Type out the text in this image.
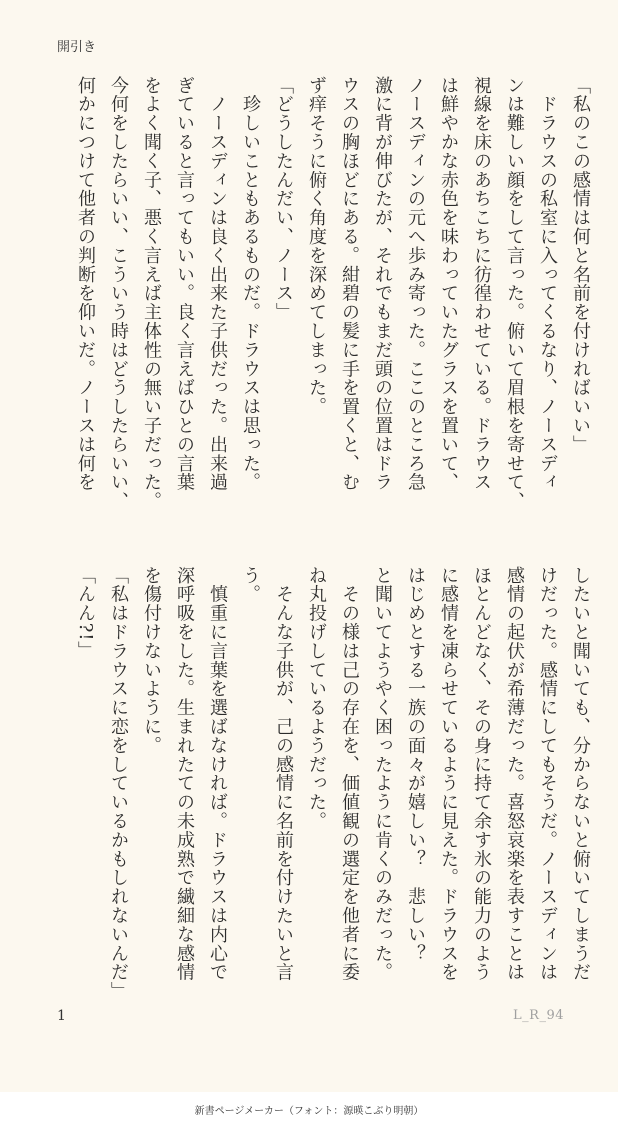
開引き
「私のこの感情は何と名前を付ければいい」
　ドラウスの私室に入ってくるなり、ノースディ
ンは難しい顔をして言った。俯いて眉根を寄せて、
視線を床のあちこちに彷徨わせている。ドラウス
は鮮やかな赤色を味わっていたグラスを置いて、
ノースディンの元へ歩み寄った。ここのところ急
激に背が伸びたが、それでもまだ頭の位置はドラ
ウスの胸ほどにある。紺碧の髪に手を置くと、む
ず痒そうに俯く角度を深めてしまった。
「どうしたんだい、ノース」
　珍しいこともあるものだ。ドラウスは思った。
　ノースディンは良く出来た子供だった。出来過
ぎていると言ってもいい。良く言えばひとの言葉
をよく聞く子、悪く言えば主体性の無い子だった。
今何をしたらいい、こういう時はどうしたらいい、
何かにつけて他者の判断を仰いだ。ノースは何を
したいと聞いても、分からないと俯いてしまうだ
けだった。感情にしてもそうだ。ノースディンは
感情の起伏が希薄だった。喜怒哀楽を表すことは
ほとんどなく、その身に持て余す氷の能力のよう
に感情を凍らせているように見えた。ドラウスを
はじめとする一族の面々が嬉しい？　悲しい？
と聞いてようやく困ったように肯くのみだった。
　その様は己の存在を、価値観の選定を他者に委
ね丸投げしているようだった。
　そんな子供が、己の感情に名前を付けたいと言
う。
　慎重に言葉を選ばなければ。ドラウスは内心で
深呼吸をした。生まれたての未成熟で繊細な感情
を傷付けないように。
「私はドラウスに恋をしているかもしれないんだ」
「んん?!」
1	L_R_94
新書ページメーカー（フォント：源暎こぶり明朝）
